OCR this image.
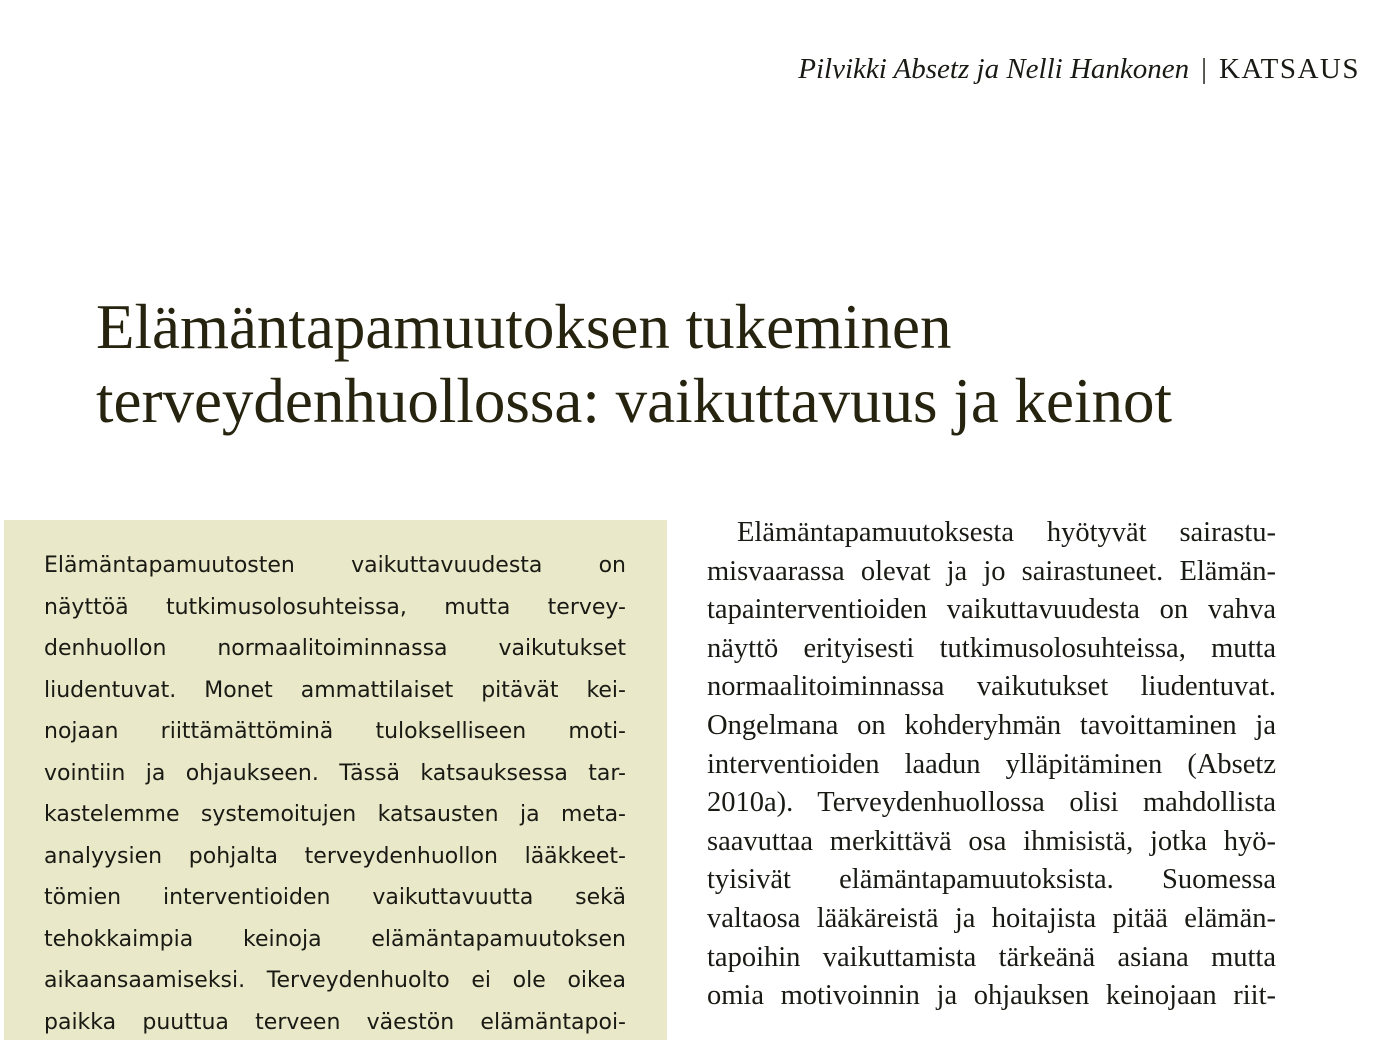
Pilvikki Absetz ja Nelli Hankonen | KATSAUS
Elämäntapamuutoksen tukeminen
terveydenhuollossa: vaikuttavuus ja keinot
Elämäntapamuutosten vaikuttavuudesta on
näyttöä tutkimusolosuhteissa, mutta tervey-
denhuollon normaalitoiminnassa vaikutukset
liudentuvat. Monet ammattilaiset pitävät kei-
nojaan riittämättöminä tulokselliseen moti-
vointiin ja ohjaukseen. Tässä katsauksessa tar-
kastelemme systemoitujen katsausten ja meta-
analyysien pohjalta terveydenhuollon lääkkeet-
tömien interventioiden vaikuttavuutta sekä
tehokkaimpia keinoja elämäntapamuutoksen
aikaansaamiseksi. Terveydenhuolto ei ole oikea
paikka puuttua terveen väestön elämäntapoi-
Elämäntapamuutoksesta hyötyvät sairastu-
misvaarassa olevat ja jo sairastuneet. Elämän-
tapainterventioiden vaikuttavuudesta on vahva
näyttö erityisesti tutkimusolosuhteissa, mutta
normaalitoiminnassa vaikutukset liudentuvat.
Ongelmana on kohderyhmän tavoittaminen ja
interventioiden laadun ylläpitäminen (Absetz
2010a). Terveydenhuollossa olisi mahdollista
saavuttaa merkittävä osa ihmisistä, jotka hyö-
tyisivät elämäntapamuutoksista. Suomessa
valtaosa lääkäreistä ja hoitajista pitää elämän-
tapoihin vaikuttamista tärkeänä asiana mutta
omia motivoinnin ja ohjauksen keinojaan riit-
